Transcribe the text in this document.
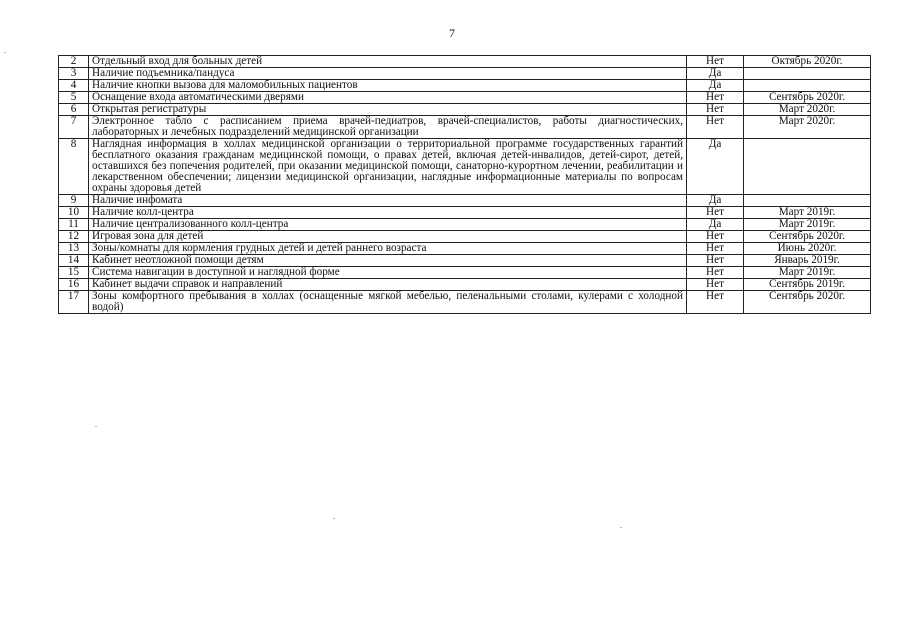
7
2	Отдельный вход для больных детей	Нет	Октябрь 2020г.
3	Наличие подъемника/пандуса	Да	
4	Наличие кнопки вызова для маломобильных пациентов	Да	
5	Оснащение входа автоматическими дверями	Нет	Сентябрь 2020г.
6	Открытая регистратуры	Нет	Март 2020г.
7	Электронное табло с расписанием приема врачей-педиатров, врачей-специалистов, работы диагностических, лабораторных и лечебных подразделений медицинской организации	Нет	Март 2020г.
8	Наглядная информация в холлах медицинской организации о территориальной программе государственных гарантий бесплатного оказания гражданам медицинской помощи, о правах детей, включая детей-инвалидов, детей-сирот, детей, оставшихся без попечения родителей, при оказании медицинской помощи, санаторно-курортном лечении, реабилитации и лекарственном обеспечении; лицензии медицинской организации, наглядные информационные материалы по вопросам охраны здоровья детей	Да	
9	Наличие инфомата	Да	
10	Наличие колл-центра	Нет	Март 2019г.
11	Наличие централизованного колл-центра	Да	Март 2019г.
12	Игровая зона для детей	Нет	Сентябрь 2020г.
13	Зоны/комнаты для кормления грудных детей и детей раннего возраста	Нет	Июнь 2020г.
14	Кабинет неотложной помощи детям	Нет	Январь 2019г.
15	Система навигации в доступной и наглядной форме	Нет	Март 2019г.
16	Кабинет выдачи справок и направлений	Нет	Сентябрь 2019г.
17	Зоны комфортного пребывания в холлах (оснащенные мягкой мебелью, пеленальными столами, кулерами с холодной водой)	Нет	Сентябрь 2020г.
